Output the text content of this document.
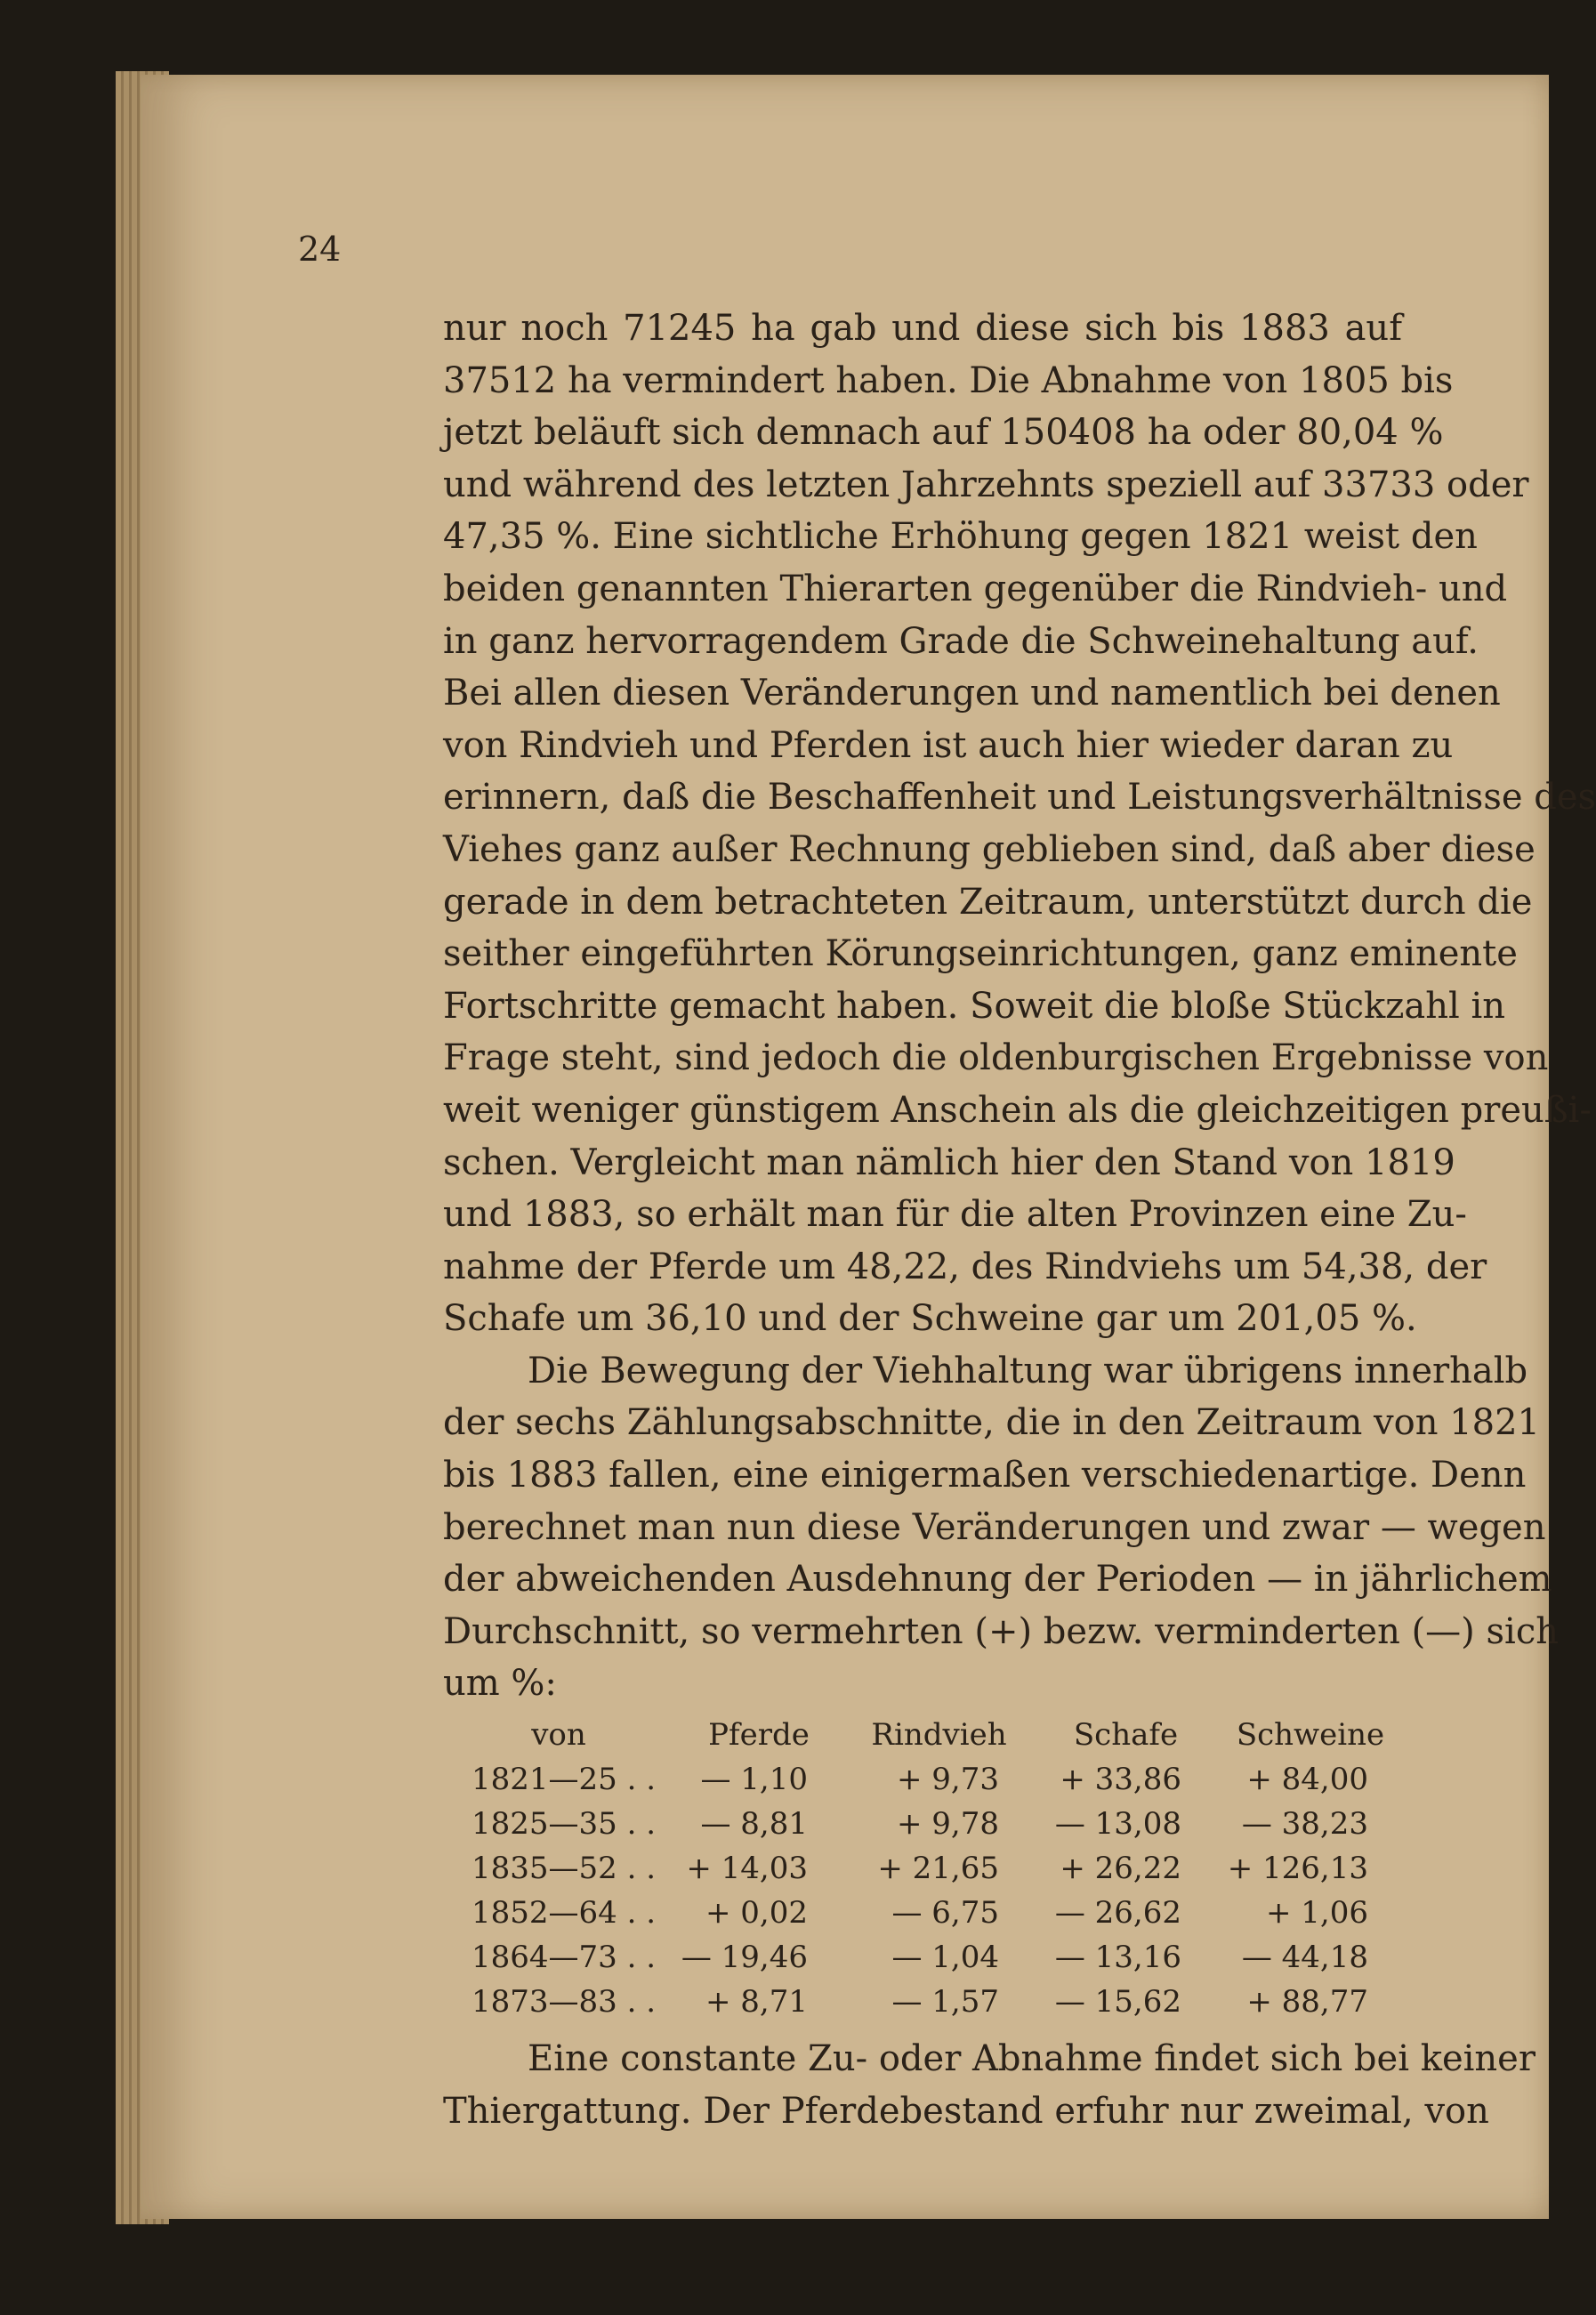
24
nur noch 71245 ha gab und diese sich bis 1883 auf
37512 ha vermindert haben. Die Abnahme von 1805 bis
jetzt beläuft sich demnach auf 150408 ha oder 80,04 %
und während des letzten Jahrzehnts speziell auf 33733 oder
47,35 %. Eine sichtliche Erhöhung gegen 1821 weist den
beiden genannten Thierarten gegenüber die Rindvieh- und
in ganz hervorragendem Grade die Schweinehaltung auf.
Bei allen diesen Veränderungen und namentlich bei denen
von Rindvieh und Pferden ist auch hier wieder daran zu
erinnern, daß die Beschaffenheit und Leistungsverhältnisse des
Viehes ganz außer Rechnung geblieben sind, daß aber diese
gerade in dem betrachteten Zeitraum, unterstützt durch die
seither eingeführten Körungseinrichtungen, ganz eminente
Fortschritte gemacht haben. Soweit die bloße Stückzahl in
Frage steht, sind jedoch die oldenburgischen Ergebnisse von
weit weniger günstigem Anschein als die gleichzeitigen preußi-
schen. Vergleicht man nämlich hier den Stand von 1819
und 1883, so erhält man für die alten Provinzen eine Zu-
nahme der Pferde um 48,22, des Rindviehs um 54,38, der
Schafe um 36,10 und der Schweine gar um 201,05 %.
Die Bewegung der Viehhaltung war übrigens innerhalb
der sechs Zählungsabschnitte, die in den Zeitraum von 1821
bis 1883 fallen, eine einigermaßen verschiedenartige. Denn
berechnet man nun diese Veränderungen und zwar — wegen
der abweichenden Ausdehnung der Perioden — in jährlichem
Durchschnitt, so vermehrten (+) bezw. verminderten (—) sich
um %:
von	Pferde	Rindvieh	Schafe	Schweine
1821—25 . .	— 1,10	+ 9,73	+ 33,86	+ 84,00
1825—35 . .	— 8,81	+ 9,78	— 13,08	— 38,23
1835—52 . .	+ 14,03	+ 21,65	+ 26,22	+ 126,13
1852—64 . .	+ 0,02	— 6,75	— 26,62	+ 1,06
1864—73 . .	— 19,46	— 1,04	— 13,16	— 44,18
1873—83 . .	+ 8,71	— 1,57	— 15,62	+ 88,77
Eine constante Zu- oder Abnahme findet sich bei keiner
Thiergattung. Der Pferdebestand erfuhr nur zweimal, von
